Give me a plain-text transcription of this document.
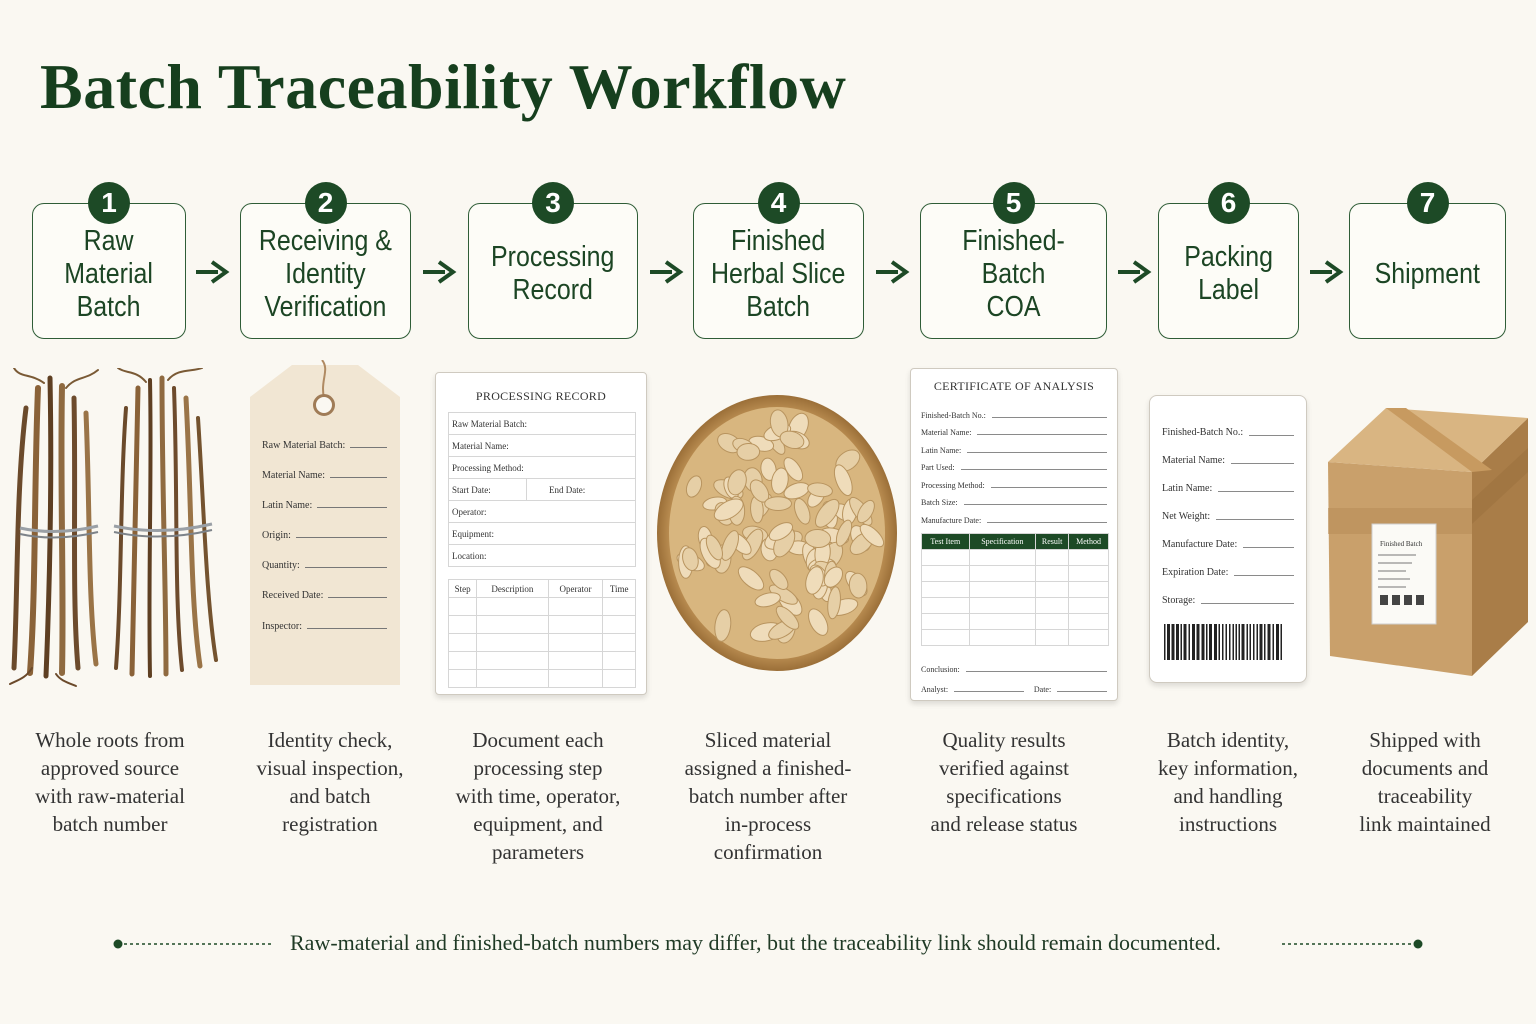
Batch Traceability Workflow
1
Raw
Material
Batch
2
Receiving &
Identity
Verification
3
Processing
Record
4
Finished
Herbal Slice
Batch
5
Finished-Batch
COA
6
Packing
Label
7
Shipment
Raw Material Batch:
Material Name:
Latin Name:
Origin:
Quantity:
Received Date:
Inspector:
PROCESSING RECORD
Raw Material Batch:
Material Name:
Processing Method:
Start Date:	End Date:
Operator:
Equipment:
Location:
Step	Description	Operator	Time

CERTIFICATE OF ANALYSIS
Finished-Batch No.:
Material Name:
Latin Name:
Part Used:
Processing Method:
Batch Size:
Manufacture Date:
Test Item	Specification	Result	Method

Conclusion:
Analyst:	Date:
Finished-Batch No.:
Material Name:
Latin Name:
Net Weight:
Manufacture Date:
Expiration Date:
Storage:
Finished Batch
Whole roots from
approved source
with raw-material
batch number
Identity check,
visual inspection,
and batch
registration
Document each
processing step
with time, operator,
equipment, and
parameters
Sliced material
assigned a finished-
batch number after
in-process
confirmation
Quality results
verified against
specifications
and release status
Batch identity,
key information,
and handling
instructions
Shipped with
documents and
traceability
link maintained
Raw-material and finished-batch numbers may differ, but the traceability link should remain documented.
